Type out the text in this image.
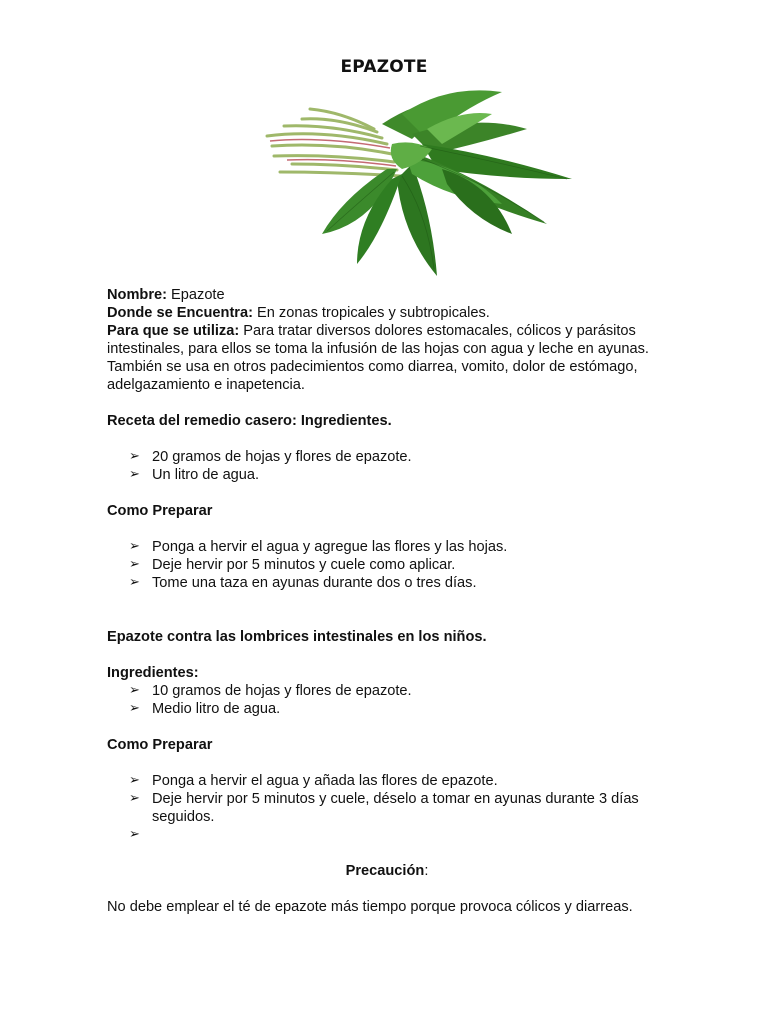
EPAZOTE

Nombre: Epazote

Donde se Encuentra: En zonas tropicales y subtropicales.

Para que se utiliza: Para tratar diversos dolores estomacales, cólicos y parásitos intestinales, para ellos se toma la infusión de las hojas con agua y leche en ayunas. También se usa en otros padecimientos como diarrea, vomito, dolor de estómago, adelgazamiento e inapetencia.

Receta del remedio casero: Ingredientes.

➢ 20 gramos de hojas y flores de epazote.
➢ Un litro de agua.

Como Preparar

➢ Ponga a hervir el agua y agregue las flores y las hojas.
➢ Deje hervir por 5 minutos y cuele como aplicar.
➢ Tome una taza en ayunas durante dos o tres días.

Epazote contra las lombrices intestinales en los niños.

Ingredientes:

➢ 10 gramos de hojas y flores de epazote.
➢ Medio litro de agua.

Como Preparar

➢ Ponga a hervir el agua y añada las flores de epazote.
➢ Deje hervir por 5 minutos y cuele, déselo a tomar en ayunas durante 3 días seguidos.
➢

Precaución:

No debe emplear el té de epazote más tiempo porque provoca cólicos y diarreas.
